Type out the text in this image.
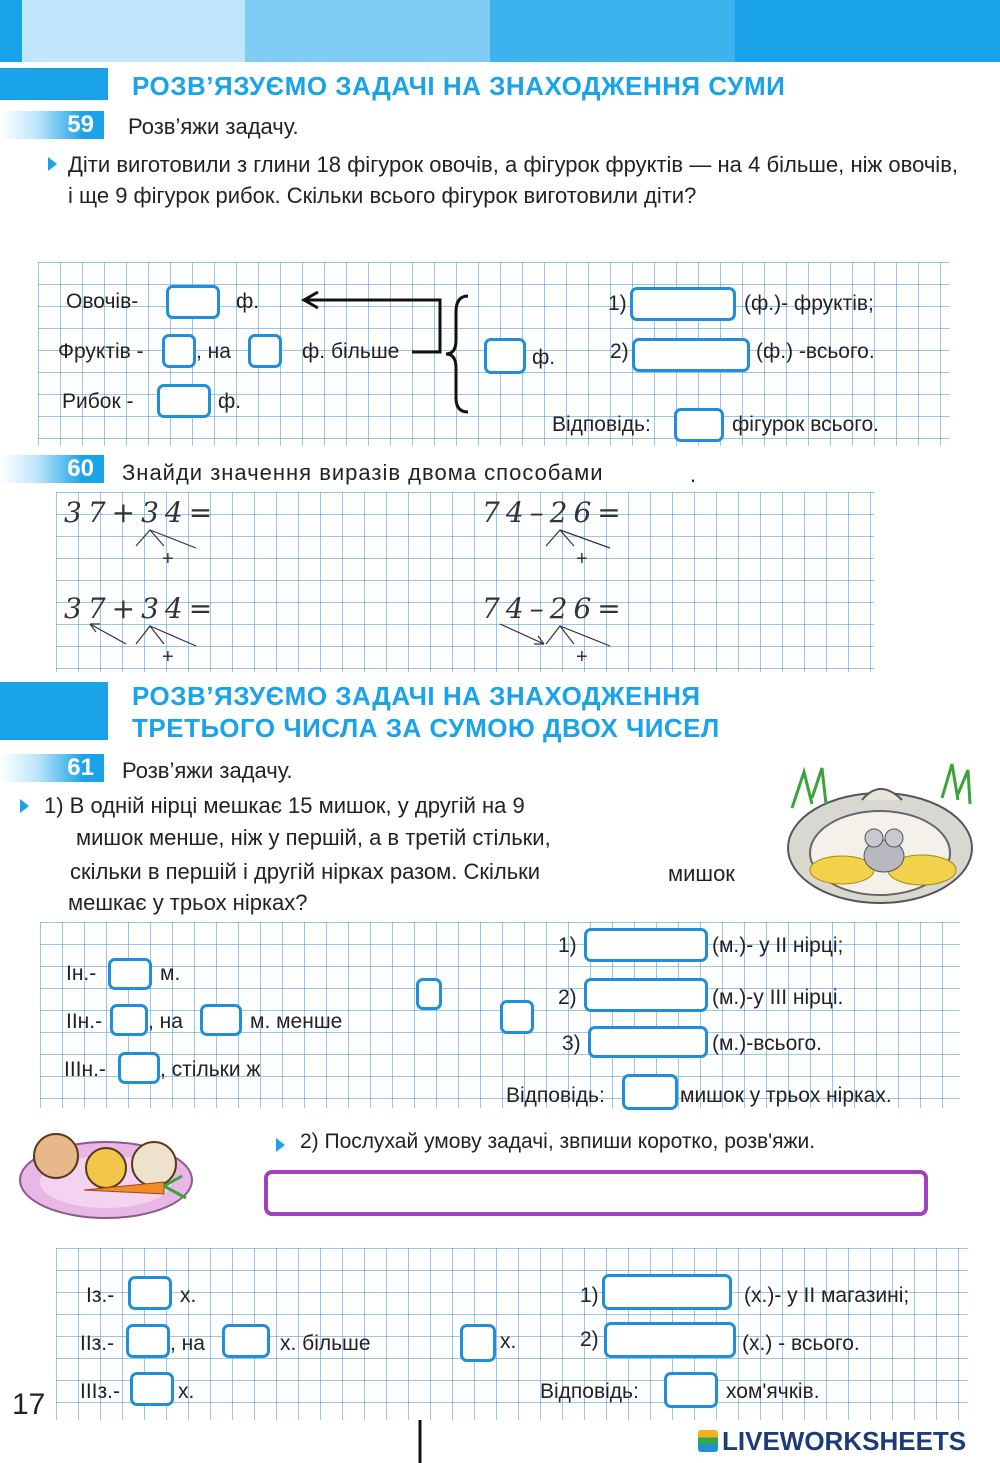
РОЗВ’ЯЗУЄМО ЗАДАЧІ НА ЗНАХОДЖЕННЯ СУМИ
59	Розв’яжи задачу.
Діти виготовили з глини 18 фігурок овочів, а фігурок фруктів — на 4 більше, ніж овочів, і ще 9 фігурок рибок. Скільки всього фігурок виготовили діти?
Овочів-	ф.
Фруктів - , на	ф. більше
Рибок -	ф.
ф.
1)	(ф.)- фруктів;
2)	(ф.) -всього.
Відповідь:	фігурок всього.
60	Знайди значення виразів двома способами	.
37+34=	74–26=
37+34=	74–26=
+	+
+	+
РОЗВ’ЯЗУЄМО ЗАДАЧІ НА ЗНАХОДЖЕННЯ
ТРЕТЬОГО ЧИСЛА ЗА СУМОЮ ДВОХ ЧИСЕЛ
61	Розв’яжи задачу.
1) В одній нірці мешкає 15 мишок, у другій на 9
мишок менше, ніж у першій, а в третій стільки,
скільки в першій і другій нірках разом. Скільки	мишок
мешкає у трьох нірках?
Ін.-	м.
ІІн.- , на	м. менше
ІІІн.-	, стільки ж
1)	(м.)- у ІІ нірці;
2)	(м.)-у ІІІ нірці.
3)	(м.)-всього.
Відповідь:	мишок у трьох нірках.
2) Послухай умову задачі, звпиши коротко, розв'яжи.
Із.-	х.
ІІз.-	, на	х. більше
ІІІз.-	х.
х.
1)	(х.)- у ІІ магазині;
2)	(х.) - всього.
Відповідь:	хом'ячків.
17
LIVEWORKSHEETS
